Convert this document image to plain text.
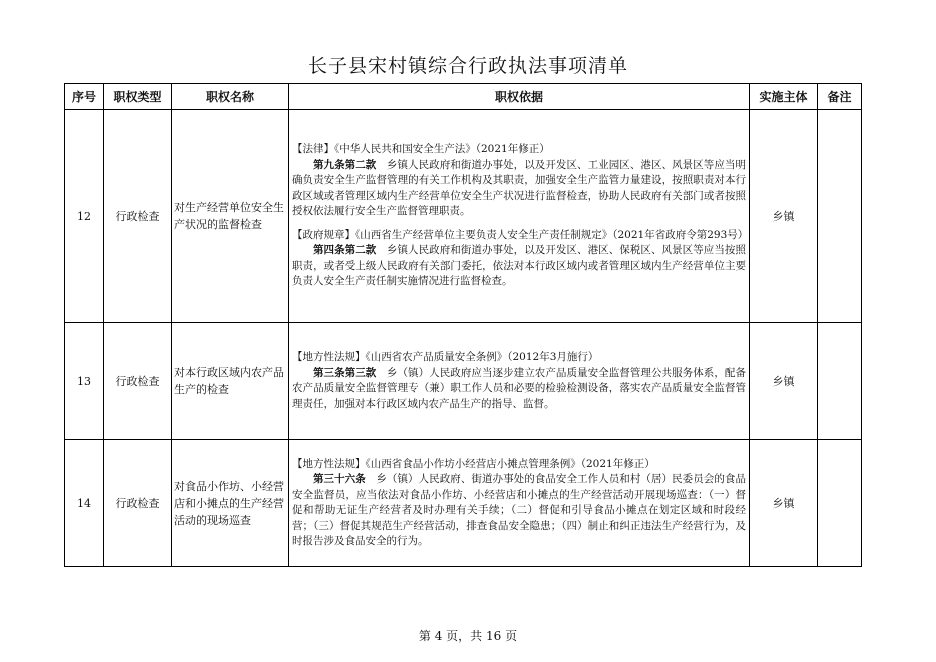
长子县宋村镇综合行政执法事项清单
序号	职权类型	职权名称	职权依据	实施主体	备注
12	行政检查	对生产经营单位安全生产状况的监督检查	【法律】《中华人民共和国安全生产法》（2021年修正）

第九条第二款　乡镇人民政府和街道办事处，以及开发区、工业园区、港区、风景区等应当明确负责安全生产监督管理的有关工作机构及其职责，加强安全生产监管力量建设，按照职责对本行政区域或者管理区域内生产经营单位安全生产状况进行监督检查，协助人民政府有关部门或者按照授权依法履行安全生产监督管理职责。

【政府规章】《山西省生产经营单位主要负责人安全生产责任制规定》（2021年省政府令第293号）

第四条第二款　乡镇人民政府和街道办事处，以及开发区、港区、保税区、风景区等应当按照职责，或者受上级人民政府有关部门委托，依法对本行政区域内或者管理区域内生产经营单位主要负责人安全生产责任制实施情况进行监督检查。	乡镇	
13	行政检查	对本行政区域内农产品生产的检查	【地方性法规】《山西省农产品质量安全条例》（2012年3月施行）

第三条第三款　乡（镇）人民政府应当逐步建立农产品质量安全监督管理公共服务体系，配备农产品质量安全监督管理专（兼）职工作人员和必要的检验检测设备，落实农产品质量安全监督管理责任，加强对本行政区域内农产品生产的指导、监督。	乡镇	
14	行政检查	对食品小作坊、小经营店和小摊点的生产经营活动的现场巡查	【地方性法规】《山西省食品小作坊小经营店小摊点管理条例》（2021年修正）

第三十六条　乡（镇）人民政府、街道办事处的食品安全工作人员和村（居）民委员会的食品安全监督员，应当依法对食品小作坊、小经营店和小摊点的生产经营活动开展现场巡查：（一）督促和帮助无证生产经营者及时办理有关手续；（二）督促和引导食品小摊点在划定区域和时段经营；（三）督促其规范生产经营活动，排查食品安全隐患；（四）制止和纠正违法生产经营行为，及时报告涉及食品安全的行为。	乡镇	
第 4 页，共 16 页
